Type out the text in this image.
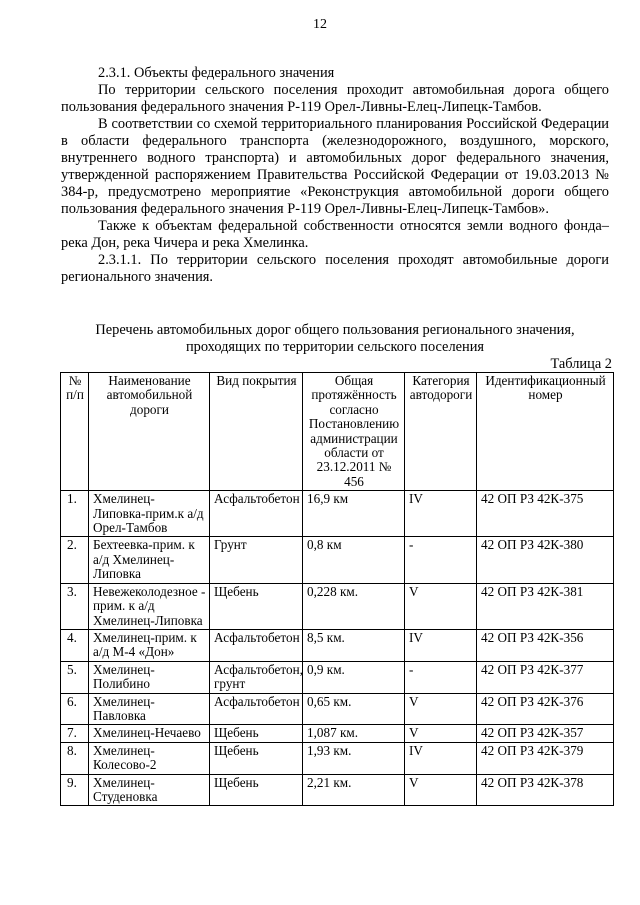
12

2.3.1. Объекты федерального значения

По территории сельского поселения проходит автомобильная дорога общего пользования федерального значения Р-119 Орел-Ливны-Елец-Липецк-Тамбов.

В соответствии со схемой территориального планирования Российской Федерации в области федерального транспорта (железнодорожного, воздушного, морского, внутреннего водного транспорта) и автомобильных дорог федерального значения, утвержденной распоряжением Правительства Российской Федерации от 19.03.2013 № 384-р, предусмотрено мероприятие «Реконструкция автомобильной дороги общего пользования федерального значения Р-119 Орел-Ливны-Елец-Липецк-Тамбов».

Также к объектам федеральной собственности относятся земли водного фонда–река Дон, река Чичера и река Хмелинка.

2.3.1.1. По территории сельского поселения проходят автомобильные дороги регионального значения.

Перечень автомобильных дорог общего пользования регионального значения,
проходящих по территории сельского поселения
Таблица 2
№ п/п	Наименование автомобильной дороги	Вид покрытия	Общая протяжённость согласно Постановлению администрации области от 23.12.2011 № 456	Категория автодороги	Идентификационный номер
1.	Хмелинец-Липовка-прим.к а/д Орел-Тамбов	Асфальтобетон	16,9 км	IV	42 ОП РЗ 42К-375
2.	Бехтеевка-прим. к а/д Хмелинец-Липовка	Грунт	0,8 км	-	42 ОП РЗ 42К-380
3.	Невежеколодезное - прим. к а/д Хмелинец-Липовка	Щебень	0,228 км.	V	42 ОП РЗ 42К-381
4.	Хмелинец-прим. к а/д М-4 «Дон»	Асфальтобетон	8,5 км.	IV	42 ОП РЗ 42К-356
5.	Хмелинец-Полибино	Асфальтобетон, грунт	0,9 км.	-	42 ОП РЗ 42К-377
6.	Хмелинец-Павловка	Асфальтобетон	0,65 км.	V	42 ОП РЗ 42К-376
7.	Хмелинец-Нечаево	Щебень	1,087 км.	V	42 ОП РЗ 42К-357
8.	Хмелинец-Колесово-2	Щебень	1,93 км.	IV	42 ОП РЗ 42К-379
9.	Хмелинец-Студеновка	Щебень	2,21 км.	V	42 ОП РЗ 42К-378
